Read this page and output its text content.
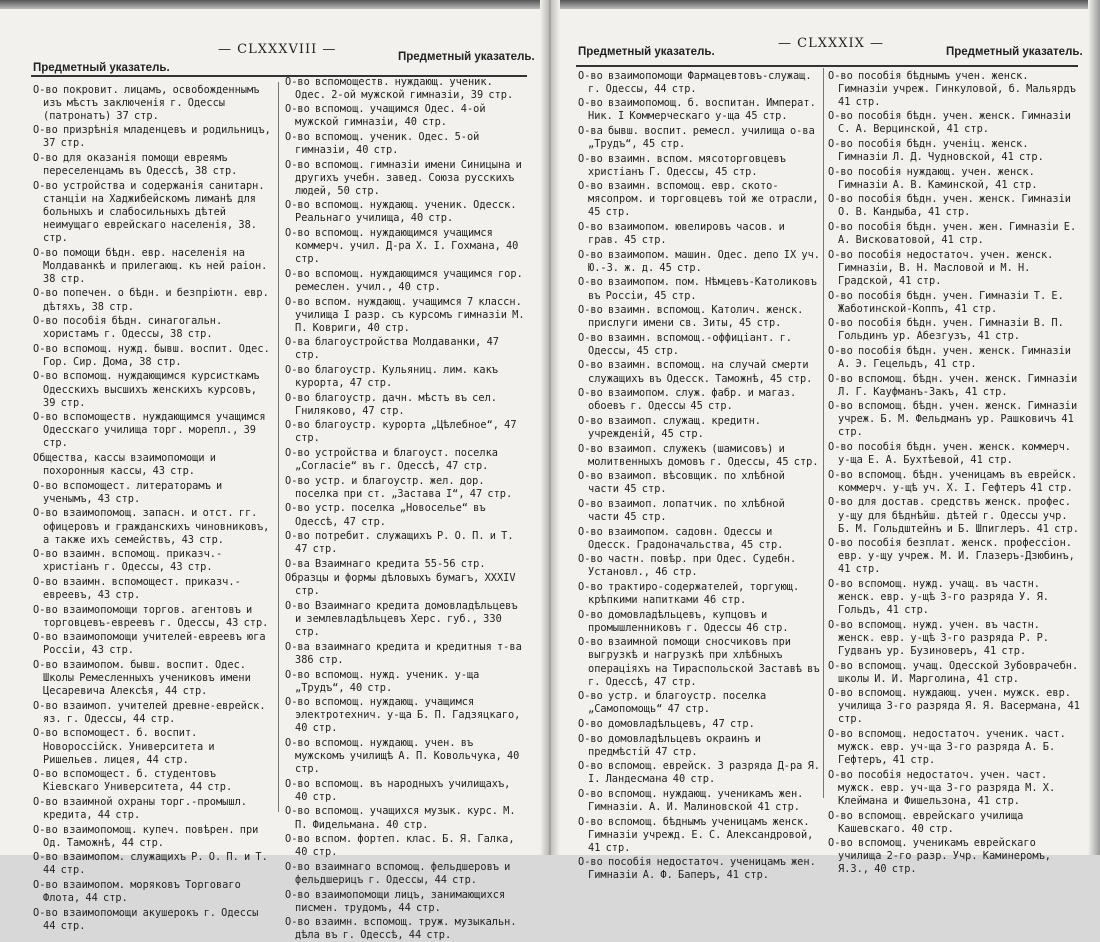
— CLXXXVIII —
Предметный указатель.
Предметный указатель.
О-во покровит. лицамъ, освобожденнымъ изъ мѣстъ заключенія г. Одессы (патронатъ) 37 стр.
О-во призрѣнія младенцевъ и родильницъ, 37 стр.
О-во для оказанія помощи евреямъ переселенцамъ въ Одессѣ, 38 стр.
О-во устройства и содержанія санитарн. станціи на Хаджибейскомъ лиманѣ для больныхъ и слабосильныхъ дѣтей неимущаго еврейскаго населенія, 38. стр.
О-во помощи бѣдн. евр. населенія на Молдаванкѣ и прилегающ. къ ней раіон. 38 стр.
О-во попечен. о бѣдн. и безпріютн. евр. дѣтяхъ, 38 стр.
О-во пособія бѣдн. синагогальн. хористамъ г. Одессы, 38 стр.
О-во вспомощ. нужд. бывш. воспит. Одес. Гор. Сир. Дома, 38 стр.
О-во вспомощ. нуждающимся курсисткамъ Одесскихъ высшихъ женскихъ курсовъ, 39 стр.
О-во вспомоществ. нуждающимся учащимся Одесскаго училища торг. морепл., 39 стр.
Общества, кассы взаимопомощи и похоронныя кассы, 43 стр.
О-во вспомощест. литераторамъ и ученымъ, 43 стр.
О-во взаимопомощ. запасн. и отст. гг. офицеровъ и гражданскихъ чиновниковъ, а также ихъ семействъ, 43 стр.
О-во взаимн. вспомощ. приказч.-христіанъ г. Одессы, 43 стр.
О-во взаимн. вспомощест. приказч.-евреевъ, 43 стр.
О-во взаимопомощи торгов. агентовъ и торговцевъ-евреевъ г. Одессы, 43 стр.
О-во взаимопомощи учителей-евреевъ юга Россіи, 43 стр.
О-во взаимопом. бывш. воспит. Одес. Школы Ремесленныхъ учениковъ имени Цесаревича Алексѣя, 44 стр.
О-во взаимоп. учителей древне-еврейск. яз. г. Одессы, 44 стр.
О-во вспомощест. б. воспит. Новороссійск. Университета и Ришельев. лицея, 44 стр.
О-во вспомощест. б. студентовъ Кіевскаго Университета, 44 стр.
О-во взаимной охраны торг.-промышл. кредита, 44 стр.
О-во взаимопомощ. купеч. повѣрен. при Од. Таможнѣ, 44 стр.
О-во взаимопом. служащихъ Р. О. П. и Т. 44 стр.
О-во взаимопом. моряковъ Торговаго Флота, 44 стр.
О-во взаимопомощи акушерокъ г. Одессы 44 стр.
О-во вспомоществ. нуждающ. ученик. Одес. 2-ой мужской гимназіи, 39 стр.
О-во вспомощ. учащимся Одес. 4-ой мужской гимназіи, 40 стр.
О-во вспомощ. ученик. Одес. 5-ой гимназіи, 40 стр.
О-во вспомощ. гимназіи имени Синицына и другихъ учебн. завед. Союза русскихъ людей, 50 стр.
О-во вспомощ. нуждающ. ученик. Одесск. Реальнаго училища, 40 стр.
О-во вспомощ. нуждающимся учащимся коммерч. учил. Д-ра Х. І. Гохмана, 40 стр.
О-во вспомощ. нуждающимся учащимся гор. ремеслен. учил., 40 стр.
О-во вспом. нуждающ. учащимся 7 классн. училища І разр. съ курсомъ гимназіи М. П. Ковриги, 40 стр.
О-ва благоустройства Молдаванки, 47 стр.
О-во благоустр. Кульяниц. лим. какъ курорта, 47 стр.
О-во благоустр. дачн. мѣстъ въ сел. Гниляково, 47 стр.
О-во благоустр. курорта „Цѣлебное“, 47 стр.
О-во устройства и благоуст. поселка „Согласіе“ въ г. Одессѣ, 47 стр.
О-во устр. и благоустр. жел. дор. поселка при ст. „Застава І“, 47 стр.
О-во устр. поселка „Новоселье“ въ Одессѣ, 47 стр.
О-во потребит. служащихъ Р. О. П. и Т. 47 стр.
О-ва Взаимнаго кредита 55-56 стр.
Образцы и формы дѣловыхъ бумагъ, XXXIV стр.
О-во Взаимнаго кредита домовладѣльцевъ и землевладѣльцевъ Херс. губ., 330 стр.
О-ва взаимнаго кредита и кредитныя т-ва 386 стр.
О-во вспомощ. нужд. ученик. у-ща „Трудъ“, 40 стр.
О-во вспомощ. нуждающ. учащимся электротехнич. у-ща Б. П. Гадзяцкаго, 40 стр.
О-во вспомощ. нуждающ. учен. въ мужскомъ училищѣ А. П. Ковольчука, 40 стр.
О-во вспомощ. въ народныхъ училищахъ, 40 стр.
О-во вспомощ. учащихся музык. курс. М. П. Фидельмана. 40 стр.
О-во вспом. фортеп. клас. Б. Я. Галка, 40 стр.
О-во взаимнаго вспомощ. фельдшеровъ и фельдшерицъ г. Одессы, 44 стр.
О-во взаимопомощи лицъ, занимающихся писмен. трудомъ, 44 стр.
О-во взаимн. вспомощ. труж. музыкальн. дѣла въ г. Одессѣ, 44 стр.
— CLXXXIX —
Предметный указатель.	Предметный указатель.
О-во взаимопомощи Фармацевтовъ-служащ. г. Одессы, 44 стр.
О-во взаимопомощ. б. воспитан. Императ. Ник. І Коммерческаго у-ща 45 стр.
О-ва бывш. воспит. ремесл. училища о-ва „Трудъ“, 45 стр.
О-во взаимн. вспом. мясоторговцевъ христіанъ Г. Одессы, 45 стр.
О-во взаимн. вспомощ. евр. ското-мясопром. и торговцевъ той же отрасли, 45 стр.
О-во взаимопом. ювелировъ часов. и грав. 45 стр.
О-во взаимопом. машин. Одес. депо ІХ уч. Ю.-З. ж. д. 45 стр.
О-во взаимопом. пом. Нѣмцевъ-Католиковъ въ Россіи, 45 стр.
О-во взаимн. вспомощ. Католич. женск. прислуги имени св. Зиты, 45 стр.
О-во взаимн. вспомощ.-оффиціант. г. Одессы, 45 стр.
О-во взаимн. вспомощ. на случай смерти служащихъ въ Одесск. Таможнѣ, 45 стр.
О-во взаимопом. служ. фабр. и магаз. обоевъ г. Одессы 45 стр.
О-во взаимоп. служащ. кредитн. учрежденій, 45 стр.
О-во взаимоп. служекъ (шамисовъ) и молитвенныхъ домовъ г. Одессы, 45 стр.
О-во взаимоп. вѣсовщик. по хлѣбной части 45 стр.
О-во взаимоп. лопатчик. по хлѣбной части 45 стр.
О-во взаимопом. садовн. Одессы и Одесск. Градоначальства, 45 стр.
О-во частн. повѣр. при Одес. Судебн. Установл., 46 стр.
О-во трактиро-содержателей, торгующ. крѣпкими напитками 46 стр.
О-во домовладѣльцевъ, купцовъ и промышленниковъ г. Одессы 46 стр.
О-во взаимной помощи сносчиковъ при выгрузкѣ и нагрузкѣ при хлѣбныхъ операціяхъ на Тираспольской Заставѣ въ г. Одессѣ, 47 стр.
О-во устр. и благоустр. поселка „Самопомощь“ 47 стр.
О-во домовладѣльцевъ, 47 стр.
О-во домовладѣльцевъ окраинъ и предмѣстій 47 стр.
О-во вспомощ. еврейск. 3 разряда Д-ра Я. І. Ландесмана 40 стр.
О-во вспомощ. нуждающ. ученикамъ жен. Гимназіи. А. И. Малиновской 41 стр.
О-во вспомощ. бѣднымъ ученицамъ женск. Гимназіи учрежд. Е. С. Александровой, 41 стр.
О-во пособія недостаточ. ученицамъ жен. Гимназіи А. Ф. Баперъ, 41 стр.
О-во пособія бѣднымъ учен. женск. Гимназіи учреж. Гинкуловой, б. Мальярдъ 41 стр.
О-во пособія бѣдн. учен. женск. Гимназіи С. А. Верцинской, 41 стр.
О-во пособія бѣдн. ученіц. женск. Гимназіи Л. Д. Чудновской, 41 стр.
О-во пособія нуждающ. учен. женск. Гимназіи А. В. Каминской, 41 стр.
О-во пособія бѣдн. учен. женск. Гимназіи О. В. Кандыба, 41 стр.
О-во пособія бѣдн. учен. жен. Гимназіи Е. А. Висковатовой, 41 стр.
О-во пособія недостаточ. учен. женск. Гимназіи, В. Н. Масловой и М. Н. Градской, 41 стр.
О-во пособія бѣдн. учен. Гимназіи Т. Е. Жаботинской-Коппъ, 41 стр.
О-во пособія бѣдн. учен. Гимназіи В. П. Гольдинъ ур. Абезгузъ, 41 стр.
О-во пособія бѣдн. учен. женск. Гимназіи А. Э. Гецельдъ, 41 стр.
О-во вспомощ. бѣдн. учен. женск. Гимназіи Л. Г. Кауфманъ-Закъ, 41 стр.
О-во вспомощ. бѣдн. учен. женск. Гимназіи учреж. Б. М. Фельдманъ ур. Рашковичъ 41 стр.
О-во пособія бѣдн. учен. женск. коммерч. у-ща Е. А. Бухтѣевой, 41 стр.
О-во вспомощ. бѣдн. ученицамъ въ еврейск. коммерч. у-щѣ уч. Х. І. Гефтеръ 41 стр.
О-во для достав. средствъ женск. профес. у-щу для бѣднѣйш. дѣтей г. Одессы учр. Б. М. Гольдштейнъ и Б. Шпиглеръ. 41 стр.
О-во пособія безплат. женск. профессіон. евр. у-щу учреж. М. И. Глазеръ-Дзюбинъ, 41 стр.
О-во вспомощ. нужд. учащ. въ частн. женск. евр. у-щѣ 3-го разряда У. Я. Гольдъ, 41 стр.
О-во вспомощ. нужд. учен. въ частн. женск. евр. у-щѣ 3-го разряда Р. Р. Гудванъ ур. Бузиноверъ, 41 стр.
О-во вспомощ. учащ. Одесской Зубоврачебн. школы И. И. Марголина, 41 стр.
О-во вспомощ. нуждающ. учен. мужск. евр. училища 3-го разряда Я. Я. Васермана, 41 стр.
О-во вспомощ. недостаточ. ученик. част. мужск. евр. уч-ща 3-го разряда А. Б. Гефтеръ, 41 стр.
О-во пособія недостаточ. учен. част. мужск. евр. уч-ща 3-го разряда М. Х. Клеймана и Фишельзона, 41 стр.
О-во вспомощ. еврейскаго училища Кашевскаго. 40 стр.
О-во вспомощ. ученикамъ еврейскаго училища 2-го разр. Учр. Каминеромъ, Я.З., 40 стр.
